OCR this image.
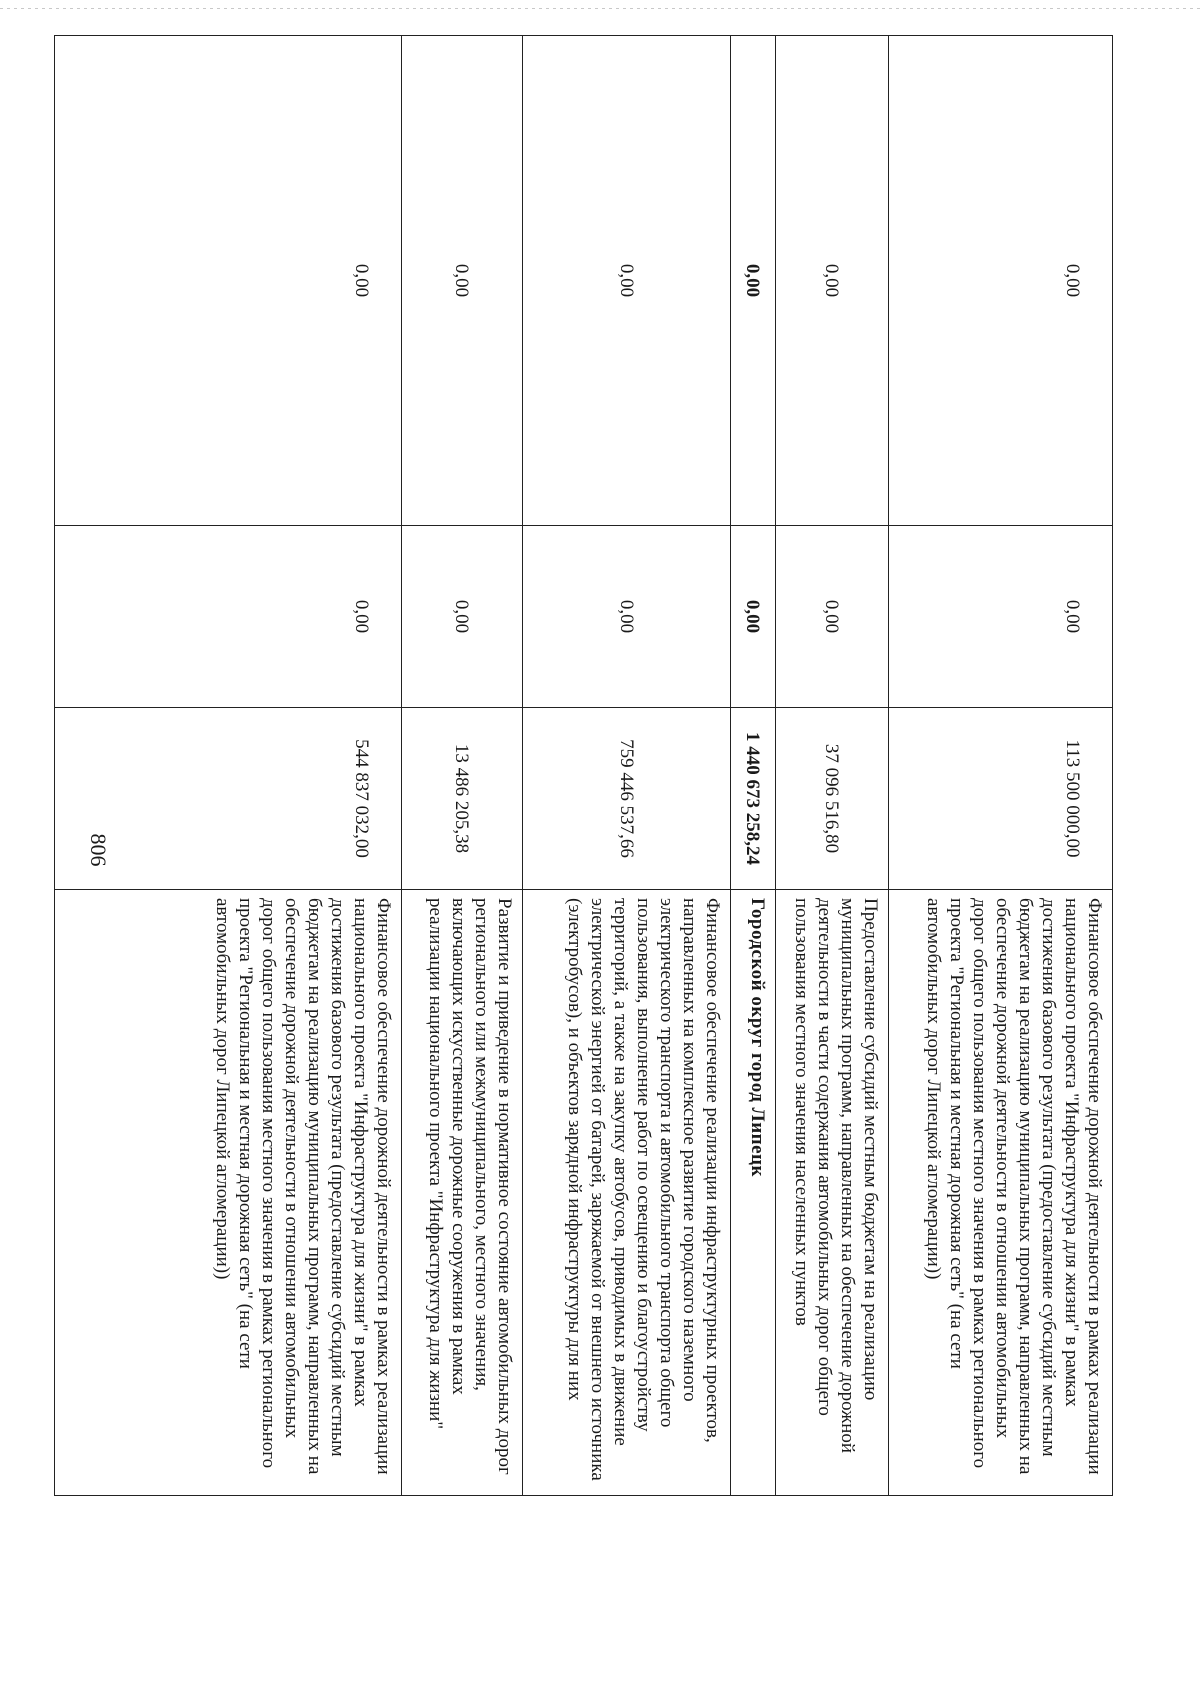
806
0,00	0,00	113 500 000,00	Финансовое обеспечение дорожной деятельности в рамках реализации национального проекта "Инфраструктура для жизни" в рамках достижения базового результата (предоставление субсидий местным бюджетам на реализацию муниципальных программ, направленных на обеспечение дорожной деятельности в отношении автомобильных дорог общего пользования местного значения в рамках регионального проекта "Региональная и местная дорожная сеть" (на сети автомобильных дорог Липецкой агломерации))
0,00	0,00	37 096 516,80	Предоставление субсидий местным бюджетам на реализацию муниципальных программ, направленных на обеспечение дорожной деятельности в части содержания автомобильных дорог общего пользования местного значения населенных пунктов
0,00	0,00	1 440 673 258,24	Городской округ город Липецк
0,00	0,00	759 446 537,66	Финансовое обеспечение реализации инфраструктурных проектов, направленных на комплексное развитие городского наземного электрического транспорта и автомобильного транспорта общего пользования, выполнение работ по освещению и благоустройству территорий, а также на закупку автобусов, приводимых в движение электрической энергией от батарей, заряжаемой от внешнего источника (электробусов), и объектов зарядной инфраструктуры для них
0,00	0,00	13 486 205,38	Развитие и приведение в нормативное состояние автомобильных дорог регионального или межмуниципального, местного значения, включающих искусственные дорожные сооружения в рамках реализации национального проекта "Инфраструктура для жизни"
0,00	0,00	544 837 032,00	Финансовое обеспечение дорожной деятельности в рамках реализации национального проекта "Инфраструктура для жизни" в рамках достижения базового результата (предоставление субсидий местным бюджетам на реализацию муниципальных программ, направленных на обеспечение дорожной деятельности в отношении автомобильных дорог общего пользования местного значения в рамках регионального проекта "Региональная и местная дорожная сеть" (на сети автомобильных дорог Липецкой агломерации))
